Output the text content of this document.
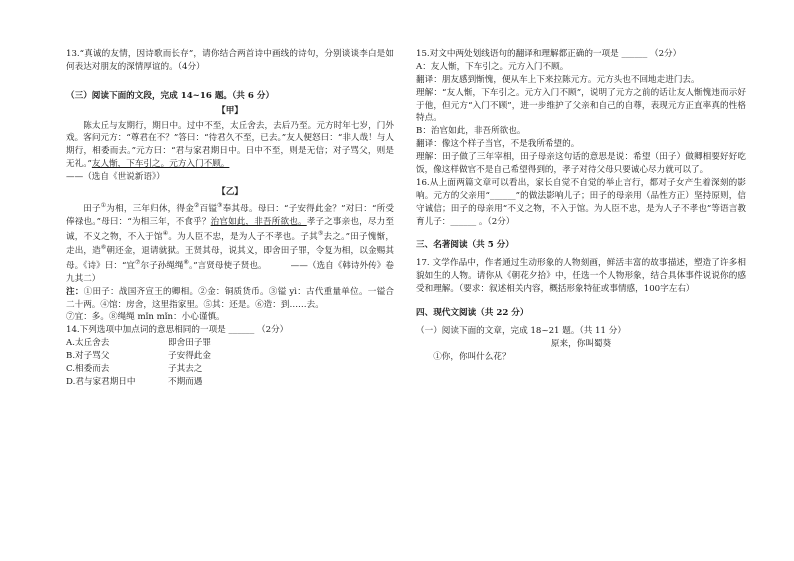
13.“真诚的友情，因诗歌而长存”，请你结合两首诗中画线的诗句，分别谈谈李白是如何表达对朋友的深情厚谊的。（4分）

（三）阅读下面的文段，完成 14~16 题。（共 6 分）

【甲】

陈太丘与友期行，期日中。过中不至，太丘舍去，去后乃至。元方时年七岁，门外戏。客问元方：“尊君在不？”答曰：“待君久不至，已去。”友人便怒曰：“非人哉！与人期行，相委而去。”元方曰：“君与家君期日中。日中不至，则是无信；对子骂父，则是无礼。”友人惭，下车引之。元方入门不顾。

——（选自《世说新语》）

【乙】

田子①为相，三年归休，得金②百镒③奉其母。母曰：“子安得此金？”对曰：“所受俸禄也。”母曰：“为相三年，不食乎？治官如此，非吾所欲也。孝子之事亲也，尽力至诚，不义之物，不入于馆④。为人臣不忠，是为人子不孝也。子其⑤去之。”田子愧惭，走出，造⑥朝还金，退请就狱。王贤其母，说其义，即舍田子罪，令复为相，以金赐其母。《诗》曰：“宜⑦尔子孙绳绳⑧。”言贤母使子贤也。	——（选自《韩诗外传》卷九其二）

注：①田子：战国齐宣王的卿相。②金：铜质货币。③镒 yì：古代重量单位。一镒合二十两。④馆：房舍，这里指家里。⑤其：还是。⑥造：到……去。

⑦宜：多。⑧绳绳 mǐn mǐn：小心谨慎。

14.下列选项中加点词的意思相同的一项是 ______ （2分）

A.太丘舍去	即舍田子罪
B.对子骂父	子安得此金
C.相委而去	子其去之
D.君与家君期日中	不期而遇

15.对文中两处划线语句的翻译和理解都正确的一项是 ______ （2分）

A：友人惭，下车引之。元方入门不顾。

翻译：朋友感到惭愧，便从车上下来拉陈元方。元方头也不回地走进门去。

理解：“友人惭，下车引之。元方入门不顾”，说明了元方之前的话让友人惭愧违而示好于他，但元方“入门不顾”，进一步维护了父亲和自己的自尊，表现元方正直率真的性格特点。

B：治官如此，非吾所欲也。

翻译：像这个样子当官，不是我所希望的。

理解：田子做了三年宰相，田子母亲这句话的意思是说：希望（田子）做卿相要好好吃饭，像这样做官不是自己希望得到的，孝子对待父母只要诚心尽力就可以了。

16.从上面两篇文章可以看出，家长自觉不自觉的举止言行，都对子女产生着深刻的影响。元方的父亲用“______”的做法影响儿子；田子的母亲用（品性方正）坚持原则，信守诚信；田子的母亲用“不义之物，不入于馆。为人臣不忠，是为人子不孝也”等语言教育儿子：______ 。（2分）

三、名著阅读（共 5 分）

17. 文学作品中，作者通过生动形象的人物刻画，鲜活丰富的故事描述，塑造了许多相貌如生的人物。请你从《朝花夕拾》中，任选一个人物形象，结合具体事件说说你的感受和理解。（要求：叙述相关内容，概括形象特征或事情感，100字左右）

四、现代文阅读（共 22 分）

（一）阅读下面的文章，完成 18~21 题。（共 11 分）

原来，你叫蜀葵

①你，你叫什么花？
